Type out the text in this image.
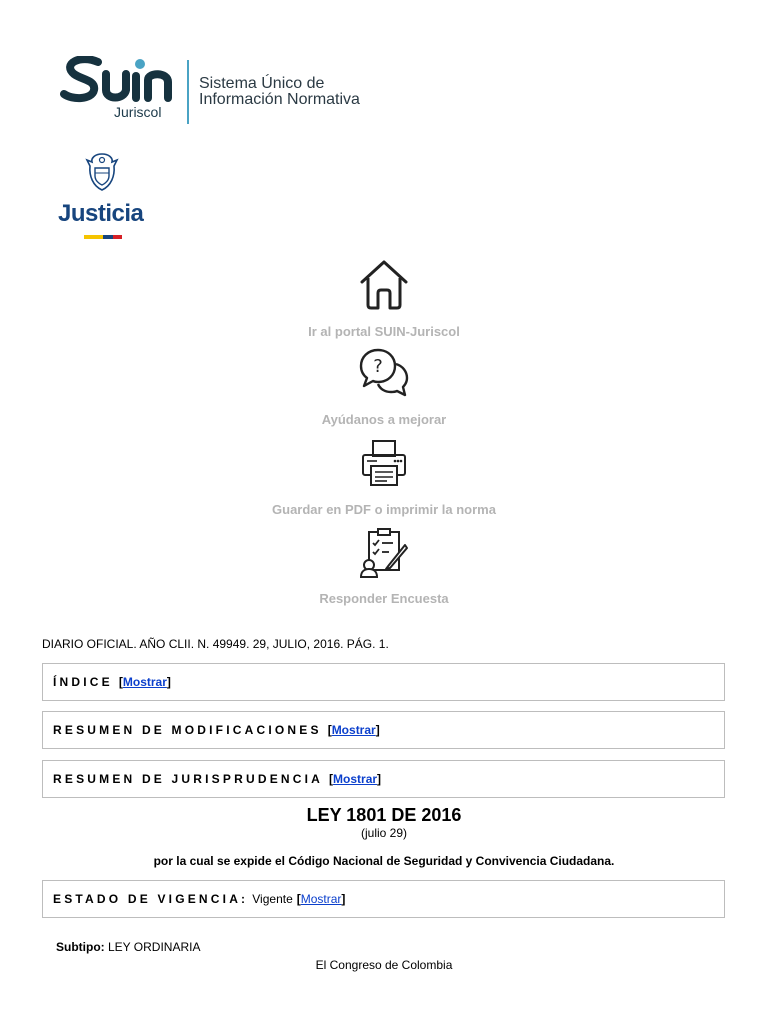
Juriscol
Sistema Único de
Información Normativa
Justicia
Ir al portal SUIN-Juriscol
?
Ayúdanos a mejorar
Guardar en PDF o imprimir la norma
Responder Encuesta
DIARIO OFICIAL. AÑO CLII. N. 49949. 29, JULIO, 2016. PÁG. 1.
ÍNDICE [Mostrar]
RESUMEN DE MODIFICACIONES [Mostrar]
RESUMEN DE JURISPRUDENCIA [Mostrar]
LEY 1801 DE 2016
(julio 29)
por la cual se expide el Código Nacional de Seguridad y Convivencia Ciudadana.
ESTADO DE VIGENCIA: Vigente [Mostrar]
Subtipo: LEY ORDINARIA
El Congreso de Colombia
